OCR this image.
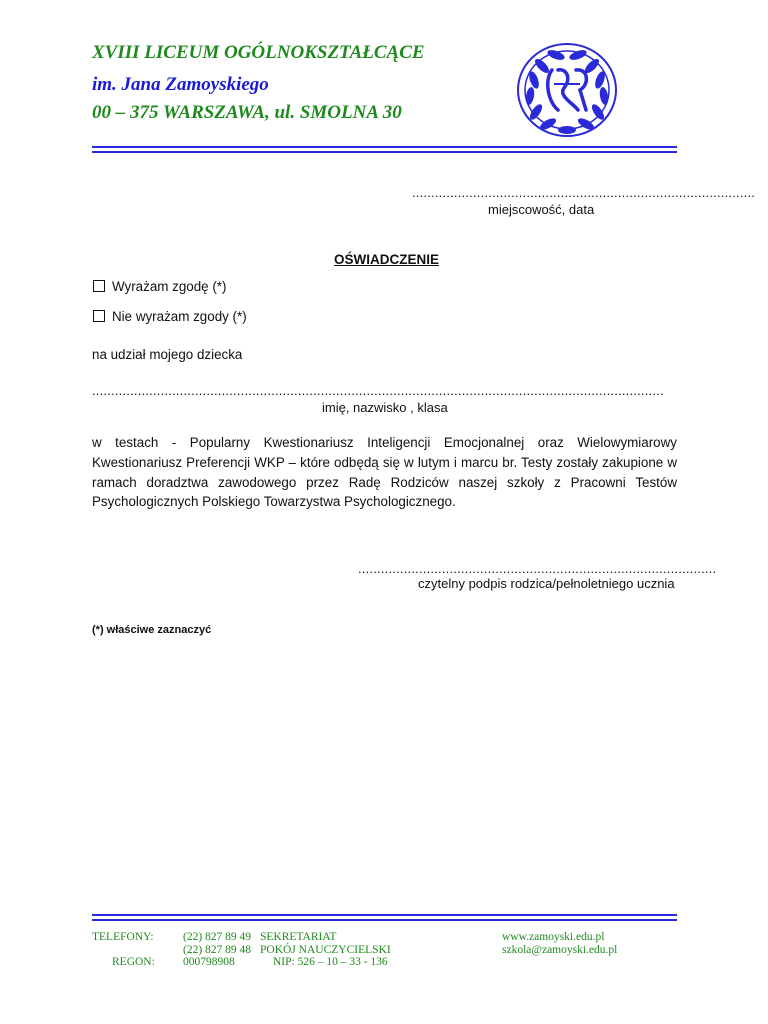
XVIII LICEUM OGÓLNOKSZTAŁCĄCE
im. Jana Zamoyskiego
00 – 375 WARSZAWA, ul. SMOLNA 30
..........................................................................................
miejscowość, data
OŚWIADCZENIE
Wyrażam zgodę (*)
Nie wyrażam zgody (*)
na udział mojego dziecka
......................................................................................................................................................
imię, nazwisko , klasa
w testach - Popularny Kwestionariusz Inteligencji Emocjonalnej oraz Wielowymiarowy Kwestionariusz Preferencji WKP – które odbędą się w lutym i marcu br. Testy zostały zakupione w ramach doradztwa zawodowego przez Radę Rodziców naszej szkoły z Pracowni Testów Psychologicznych Polskiego Towarzystwa Psychologicznego.
..............................................................................................
czytelny podpis rodzica/pełnoletniego ucznia
(*) właściwe zaznaczyć
TELEFONY:
REGON:
(22) 827 89 49
(22) 827 89 48
000798908
SEKRETARIAT
POKÓJ NAUCZYCIELSKI
NIP: 526 – 10 – 33 - 136
www.zamoyski.edu.pl
szkola@zamoyski.edu.pl
